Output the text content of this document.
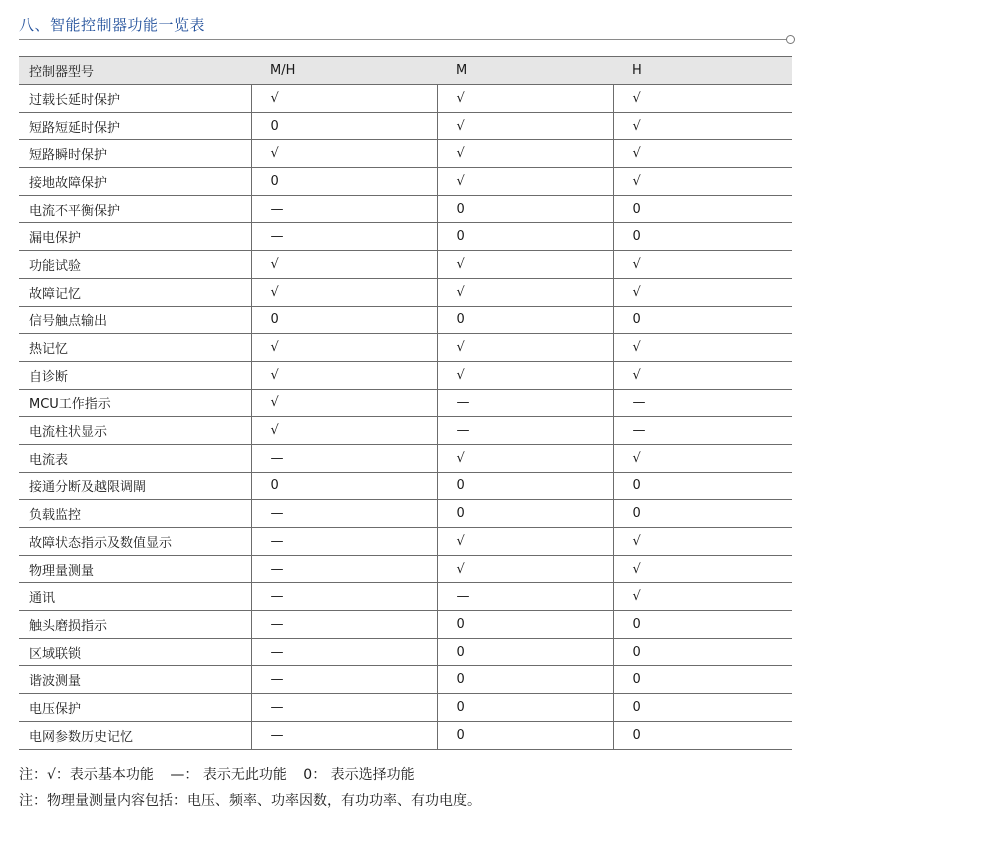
八、智能控制器功能一览表
控制器型号	M/H	M	H
过载长延时保护	√	√	√
短路短延时保护	0	√	√
短路瞬时保护	√	√	√
接地故障保护	0	√	√
电流不平衡保护	—	0	0
漏电保护	—	0	0
功能试验	√	√	√
故障记忆	√	√	√
信号触点输出	0	0	0
热记忆	√	√	√
自诊断	√	√	√
MCU工作指示	√	—	—
电流柱状显示	√	—	—
电流表	—	√	√
接通分断及越限调閘	0	0	0
负载监控	—	0	0
故障状态指示及数值显示	—	√	√
物理量测量	—	√	√
通讯	—	—	√
触头磨损指示	—	0	0
区域联锁	—	0	0
谐波测量	—	0	0
电压保护	—	0	0
电网参数历史记忆	—	0	0
注：√：表示基本功能 —： 表示无此功能 0： 表示选择功能
注：物理量测量内容包括：电压、频率、功率因数，有功功率、有功电度。
